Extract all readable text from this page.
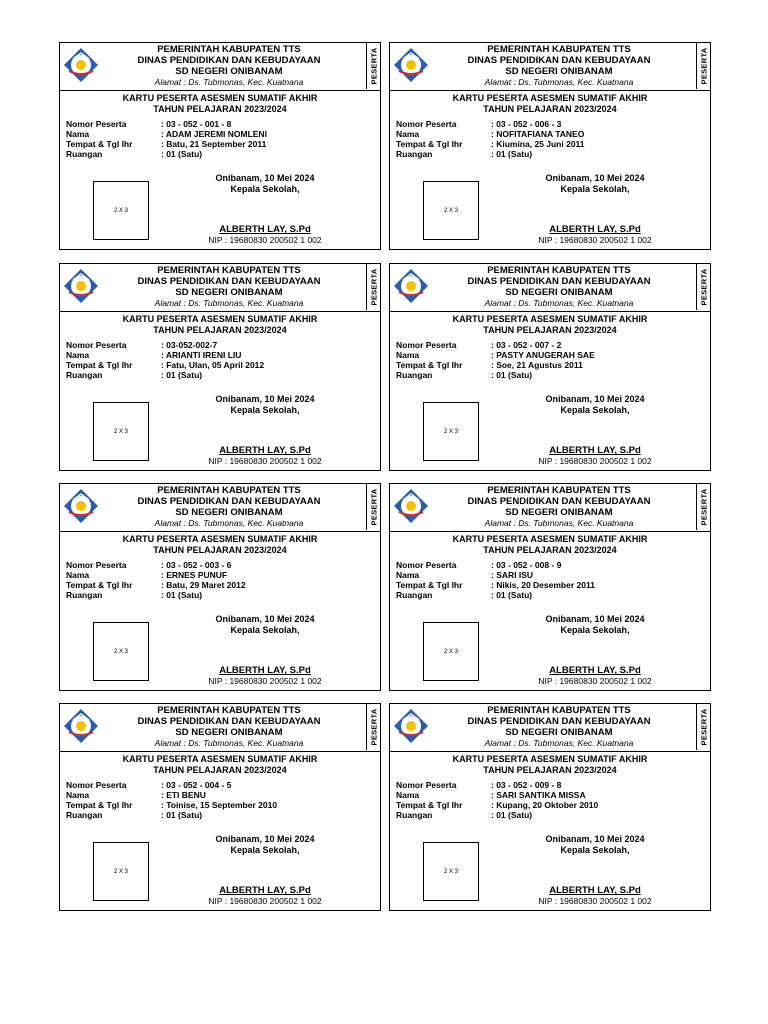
PEMERINTAH KABUPATEN TTS
DINAS PENDIDIKAN DAN KEBUDAYAAN
SD NEGERI ONIBANAM
Alamat : Ds. Tubmonas, Kec. Kuatnana	PESERTA
KARTU PESERTA ASESMEN SUMATIF AKHIR
TAHUN PELAJARAN 2023/2024
Nomor Peserta	: 03 - 052 - 001 - 8
Nama	: ADAM JEREMI NOMLENI
Tempat & Tgl lhr	: Batu, 21 September 2011
Ruangan	: 01 (Satu)
2 X 3
Onibanam, 10 Mei 2024
Kepala Sekolah,
ALBERTH LAY, S.Pd
NIP : 19680830 200502 1 002
PEMERINTAH KABUPATEN TTS
DINAS PENDIDIKAN DAN KEBUDAYAAN
SD NEGERI ONIBANAM
Alamat : Ds. Tubmonas, Kec. Kuatnana	PESERTA
KARTU PESERTA ASESMEN SUMATIF AKHIR
TAHUN PELAJARAN 2023/2024
Nomor Peserta	: 03 - 052 - 006 - 3
Nama	: NOFITAFIANA TANEO
Tempat & Tgl lhr	: Kiumina, 25 Juni 2011
Ruangan	: 01 (Satu)
2 X 3
Onibanam, 10 Mei 2024
Kepala Sekolah,
ALBERTH LAY, S.Pd
NIP : 19680830 200502 1 002
PEMERINTAH KABUPATEN TTS
DINAS PENDIDIKAN DAN KEBUDAYAAN
SD NEGERI ONIBANAM
Alamat : Ds. Tubmonas, Kec. Kuatnana	PESERTA
KARTU PESERTA ASESMEN SUMATIF AKHIR
TAHUN PELAJARAN 2023/2024
Nomor Peserta	: 03-052-002-7
Nama	: ARIANTI IRENI LIU
Tempat & Tgl lhr	: Fatu, Ulan, 05 April 2012
Ruangan	: 01 (Satu)
2 X 3
Onibanam, 10 Mei 2024
Kepala Sekolah,
ALBERTH LAY, S.Pd
NIP : 19680830 200502 1 002
PEMERINTAH KABUPATEN TTS
DINAS PENDIDIKAN DAN KEBUDAYAAN
SD NEGERI ONIBANAM
Alamat : Ds. Tubmonas, Kec. Kuatnana	PESERTA
KARTU PESERTA ASESMEN SUMATIF AKHIR
TAHUN PELAJARAN 2023/2024
Nomor Peserta	: 03 - 052 - 007 - 2
Nama	: PASTY ANUGERAH SAE
Tempat & Tgl lhr	: Soe, 21 Agustus 2011
Ruangan	: 01 (Satu)
2 X 3
Onibanam, 10 Mei 2024
Kepala Sekolah,
ALBERTH LAY, S.Pd
NIP : 19680830 200502 1 002
PEMERINTAH KABUPATEN TTS
DINAS PENDIDIKAN DAN KEBUDAYAAN
SD NEGERI ONIBANAM
Alamat : Ds. Tubmonas, Kec. Kuatnana	PESERTA
KARTU PESERTA ASESMEN SUMATIF AKHIR
TAHUN PELAJARAN 2023/2024
Nomor Peserta	: 03 - 052 - 003 - 6
Nama	: ERNES PUNUF
Tempat & Tgl lhr	: Batu, 29 Maret 2012
Ruangan	: 01 (Satu)
2 X 3
Onibanam, 10 Mei 2024
Kepala Sekolah,
ALBERTH LAY, S.Pd
NIP : 19680830 200502 1 002
PEMERINTAH KABUPATEN TTS
DINAS PENDIDIKAN DAN KEBUDAYAAN
SD NEGERI ONIBANAM
Alamat : Ds. Tubmonas, Kec. Kuatnana	PESERTA
KARTU PESERTA ASESMEN SUMATIF AKHIR
TAHUN PELAJARAN 2023/2024
Nomor Peserta	: 03 - 052 - 008 - 9
Nama	: SARI ISU
Tempat & Tgl lhr	: Nikis, 20 Desember 2011
Ruangan	: 01 (Satu)
2 X 3
Onibanam, 10 Mei 2024
Kepala Sekolah,
ALBERTH LAY, S.Pd
NIP : 19680830 200502 1 002
PEMERINTAH KABUPATEN TTS
DINAS PENDIDIKAN DAN KEBUDAYAAN
SD NEGERI ONIBANAM
Alamat : Ds. Tubmonas, Kec. Kuatnana	PESERTA
KARTU PESERTA ASESMEN SUMATIF AKHIR
TAHUN PELAJARAN 2023/2024
Nomor Peserta	: 03 - 052 - 004 - 5
Nama	: ETI BENU
Tempat & Tgl lhr	: Toinise, 15 September 2010
Ruangan	: 01 (Satu)
2 X 3
Onibanam, 10 Mei 2024
Kepala Sekolah,
ALBERTH LAY, S.Pd
NIP : 19680830 200502 1 002
PEMERINTAH KABUPATEN TTS
DINAS PENDIDIKAN DAN KEBUDAYAAN
SD NEGERI ONIBANAM
Alamat : Ds. Tubmonas, Kec. Kuatnana	PESERTA
KARTU PESERTA ASESMEN SUMATIF AKHIR
TAHUN PELAJARAN 2023/2024
Nomor Peserta	: 03 - 052 - 009 - 8
Nama	: SARI SANTIKA MISSA
Tempat & Tgl lhr	: Kupang, 20 Oktober 2010
Ruangan	: 01 (Satu)
2 X 3
Onibanam, 10 Mei 2024
Kepala Sekolah,
ALBERTH LAY, S.Pd
NIP : 19680830 200502 1 002
